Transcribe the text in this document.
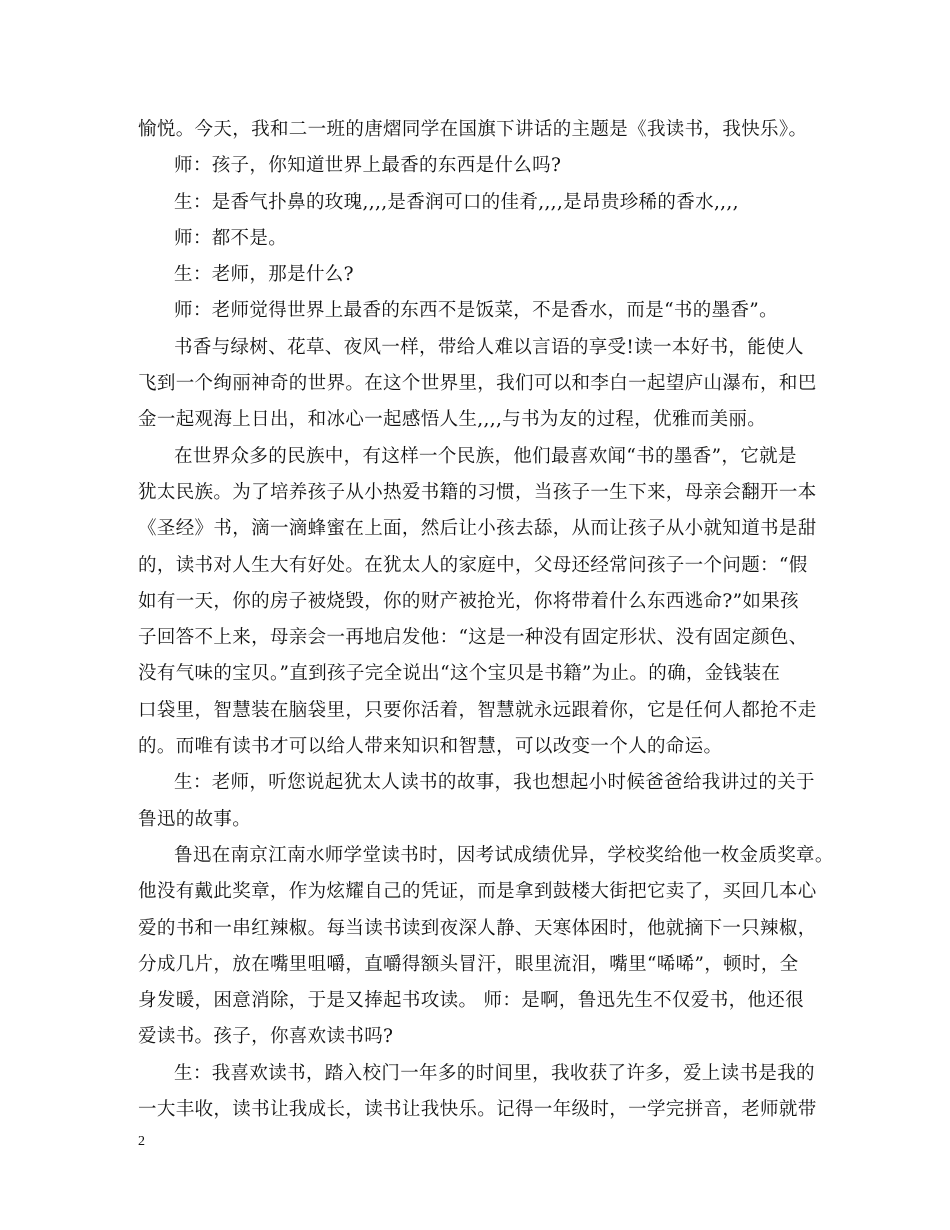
愉悦。今天，我和二一班的唐熠同学在国旗下讲话的主题是《我读书，我快乐》。
师：孩子，你知道世界上最香的东西是什么吗?
生：是香气扑鼻的玫瑰,,,,是香润可口的佳肴,,,,是昂贵珍稀的香水,,,,
师：都不是。
生：老师，那是什么?
师：老师觉得世界上最香的东西不是饭菜，不是香水，而是“书的墨香”。
书香与绿树、花草、夜风一样，带给人难以言语的享受!读一本好书，能使人
飞到一个绚丽神奇的世界。在这个世界里，我们可以和李白一起望庐山瀑布，和巴
金一起观海上日出，和冰心一起感悟人生,,,,与书为友的过程，优雅而美丽。
在世界众多的民族中，有这样一个民族，他们最喜欢闻“书的墨香”，它就是
犹太民族。为了培养孩子从小热爱书籍的习惯，当孩子一生下来，母亲会翻开一本
《圣经》书，滴一滴蜂蜜在上面，然后让小孩去舔，从而让孩子从小就知道书是甜
的，读书对人生大有好处。在犹太人的家庭中，父母还经常问孩子一个问题：“假
如有一天，你的房子被烧毁，你的财产被抢光，你将带着什么东西逃命?”如果孩
子回答不上来，母亲会一再地启发他：“这是一种没有固定形状、没有固定颜色、
没有气味的宝贝。”直到孩子完全说出“这个宝贝是书籍”为止。的确，金钱装在
口袋里，智慧装在脑袋里，只要你活着，智慧就永远跟着你，它是任何人都抢不走
的。而唯有读书才可以给人带来知识和智慧，可以改变一个人的命运。
生：老师，听您说起犹太人读书的故事，我也想起小时候爸爸给我讲过的关于
鲁迅的故事。
鲁迅在南京江南水师学堂读书时，因考试成绩优异，学校奖给他一枚金质奖章。
他没有戴此奖章，作为炫耀自己的凭证，而是拿到鼓楼大街把它卖了，买回几本心
爱的书和一串红辣椒。每当读书读到夜深人静、天寒体困时，他就摘下一只辣椒，
分成几片，放在嘴里咀嚼，直嚼得额头冒汗，眼里流泪，嘴里“唏唏”，顿时，全
身发暖，困意消除，于是又捧起书攻读。 师：是啊，鲁迅先生不仅爱书，他还很
爱读书。孩子，你喜欢读书吗?
生：我喜欢读书，踏入校门一年多的时间里，我收获了许多，爱上读书是我的
一大丰收，读书让我成长，读书让我快乐。记得一年级时，一学完拼音，老师就带
2
